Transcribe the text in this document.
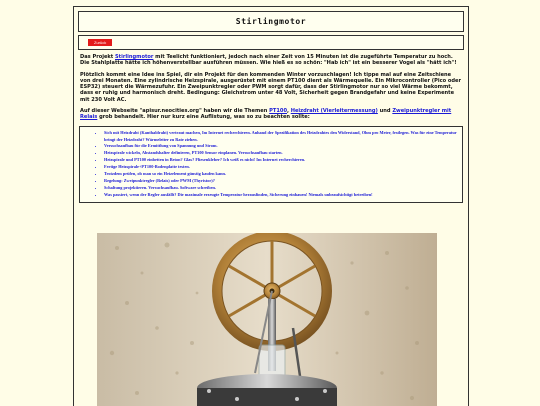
Stirlingmotor
Zurück

Das Projekt Stirlingmotor mit Teelicht funktioniert, jedoch nach einer Zeit von 15 Minuten ist die zugeführte Temperatur zu hoch. Die Stahlplatte hätte ich höhenverstellbar ausführen müssen. Wie hieß es so schön: "Hab ich" ist ein besserer Vogel als "hätt ich"!

Plötzlich kommt eine Idee ins Spiel, dir ein Projekt für den kommenden Winter vorzuschlagen! Ich tippe mal auf eine Zeitschiene von drei Monaten. Eine zylindrische Heizspirale, ausgerüstet mit einem PT100 dient als Wärmequelle. Ein Mikrocontroller (Pico oder ESP32) steuert die Wärmezufuhr. Ein Zweipunktregler oder PWM sorgt dafür, dass der Stirlingmotor nur so viel Wärme bekommt, dass er ruhig und harmonisch dreht. Bedingung: Gleichstrom unter 48 Volt, Sicherheit gegen Brandgefahr und keine Experimente mit 230 Volt AC.

Auf dieser Webseite "apisur.neocities.org" haben wir die Themen PT100, Heizdraht (Vierleitermessung) und Zweipunktregler mit Relais grob behandelt. Hier nur kurz eine Auflistung, was so zu beachten sollte:

• Sich mit Heizdraht (Kanthaldraht) vertraut machen, Im Internet recherchieren. Anhand der Spezifikation des Heizdrahtes den Widerstand, Ohm pro Meter, festlegen. Was für eine Temperatur bringt der Heizdraht? Wärmeleiter zu Rate ziehen.
• Versuchsaufbau für die Ermittlung von Spannung und Strom.
• Heizspirale wickeln, Abstandshalter definieren, PT100 Sensor einplanen. Versuchsaufbau starten.
• Heizspirale und PT100 einbetten in Beton? Glas? Fliesenkleber? Ich weiß es nicht! Im Internet recherchieren.
• Fertige Heizspirale+PT100-Bodenplatte testen.
• Trotzdem prüfen, ob man so ein Heizelement günstig kaufen kann.
• Regelung: Zweipunktregler (Relais) oder PWM (Thyristor)?
• Schaltung projektieren. Versuchsaufbau. Software schreiben.
• Was passiert, wenn der Regler ausfällt? Die maximale erzeugte Temperatur herausfinden, Sicherung einbauen! Niemals unbeaufsichtigt betreiben!
